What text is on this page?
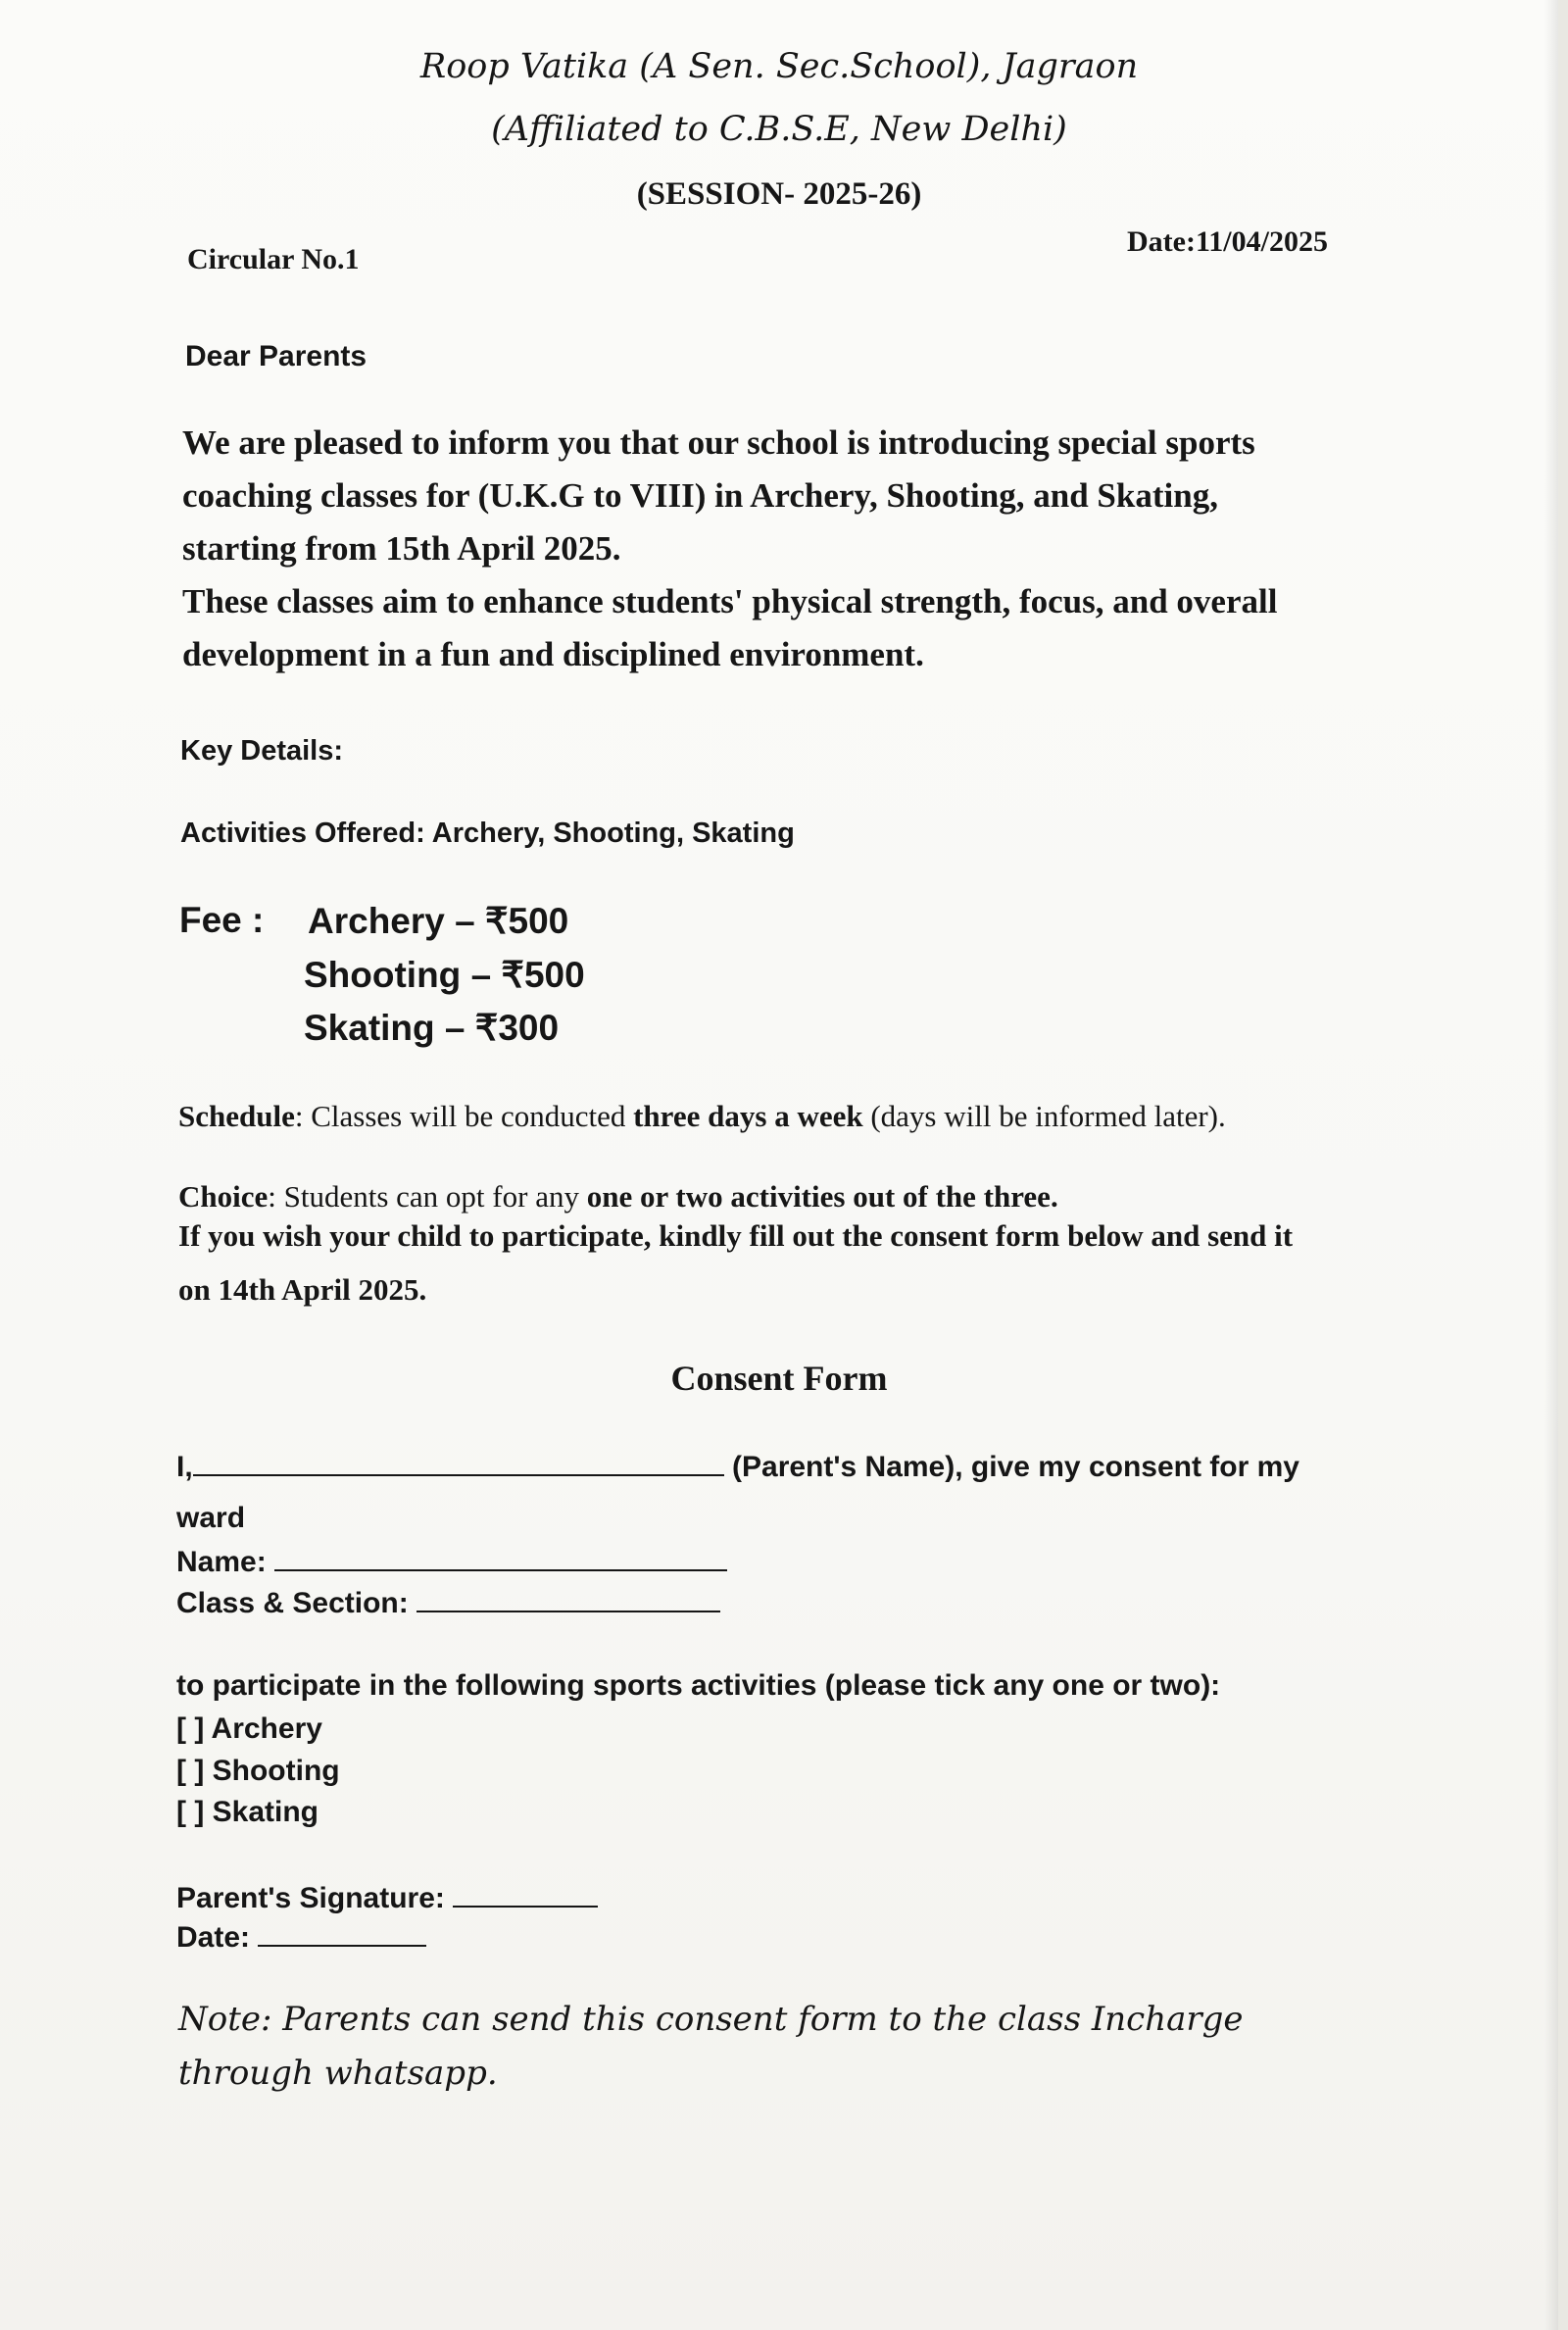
Roop Vatika (A Sen. Sec.School), Jagraon
(Affiliated to C.B.S.E, New Delhi)
(SESSION- 2025-26)
Circular No.1
Date:11/04/2025
Dear Parents
We are pleased to inform you that our school is introducing special sports
coaching classes for (U.K.G to VIII) in Archery, Shooting, and Skating,
starting from 15th April 2025.
These classes aim to enhance students' physical strength, focus, and overall
development in a fun and disciplined environment.
Key Details:
Activities Offered: Archery, Shooting, Skating
Fee : Archery – ₹500
Shooting – ₹500
Skating – ₹300
Schedule: Classes will be conducted three days a week (days will be informed later).
Choice: Students can opt for any one or two activities out of the three.
If you wish your child to participate, kindly fill out the consent form below and send it
on 14th April 2025.
Consent Form
I,	(Parent's Name), give my consent for my
ward
Name:
Class & Section:
to participate in the following sports activities (please tick any one or two):
[ ] Archery
[ ] Shooting
[ ] Skating
Parent's Signature:
Date:
Note: Parents can send this consent form to the class Incharge
through whatsapp.
